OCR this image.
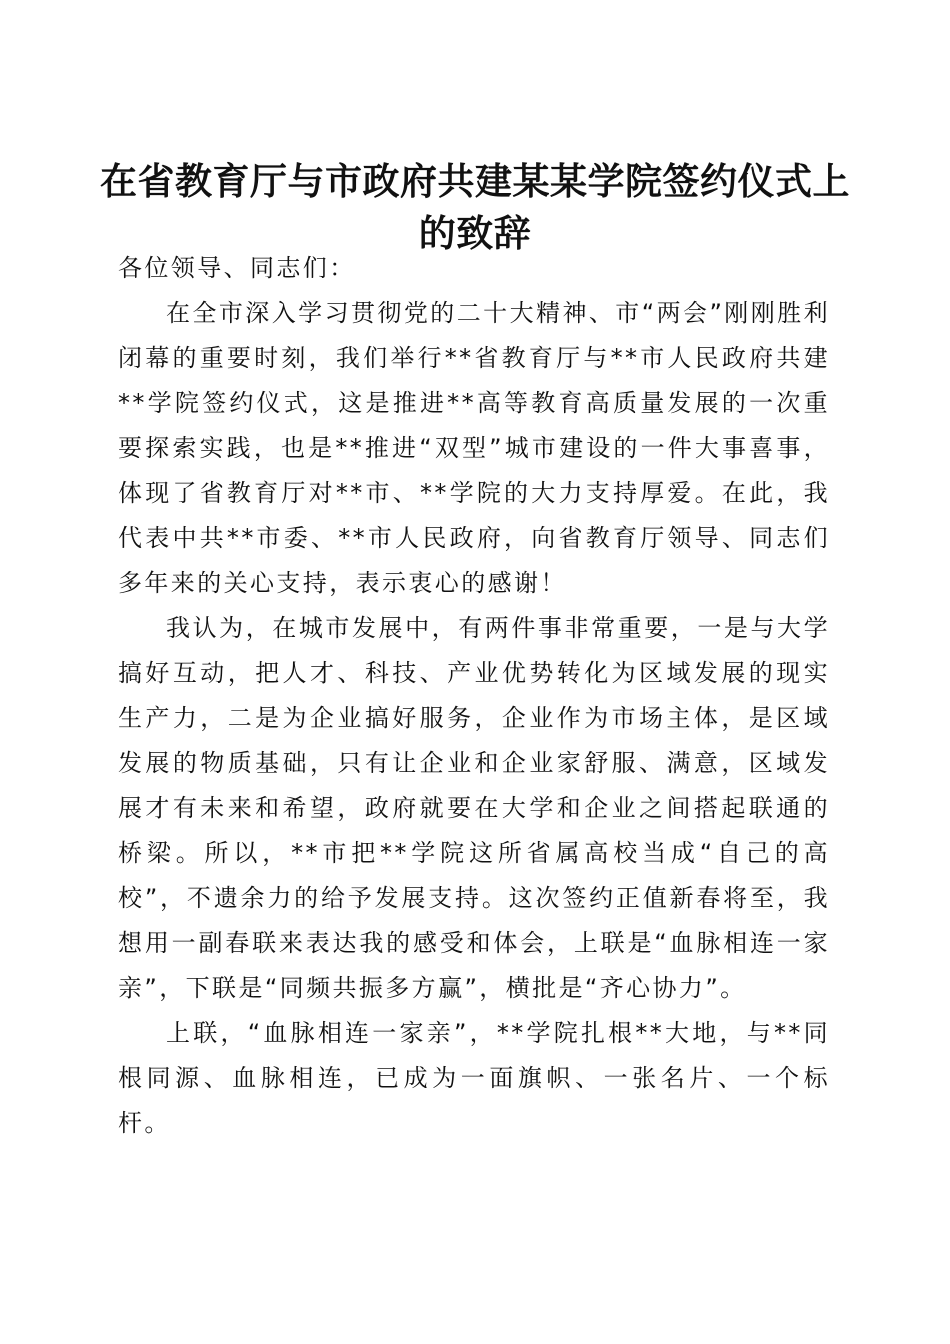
在省教育厅与市政府共建某某学院签约仪式上的致辞

各位领导、同志们：

在全市深入学习贯彻党的二十大精神、市“两会”刚刚胜利闭幕的重要时刻，我们举行**省教育厅与**市人民政府共建**学院签约仪式，这是推进**高等教育高质量发展的一次重要探索实践，也是**推进“双型”城市建设的一件大事喜事，体现了省教育厅对**市、**学院的大力支持厚爱。在此，我代表中共**市委、**市人民政府，向省教育厅领导、同志们多年来的关心支持，表示衷心的感谢！

我认为，在城市发展中，有两件事非常重要，一是与大学搞好互动，把人才、科技、产业优势转化为区域发展的现实生产力，二是为企业搞好服务，企业作为市场主体，是区域发展的物质基础，只有让企业和企业家舒服、满意，区域发展才有未来和希望，政府就要在大学和企业之间搭起联通的桥梁。所以，**市把**学院这所省属高校当成“自己的高校”，不遗余力的给予发展支持。这次签约正值新春将至，我想用一副春联来表达我的感受和体会，上联是“血脉相连一家亲”，下联是“同频共振多方赢”，横批是“齐心协力”。

上联，“血脉相连一家亲”，**学院扎根**大地，与**同根同源、血脉相连，已成为一面旗帜、一张名片、一个标杆。
